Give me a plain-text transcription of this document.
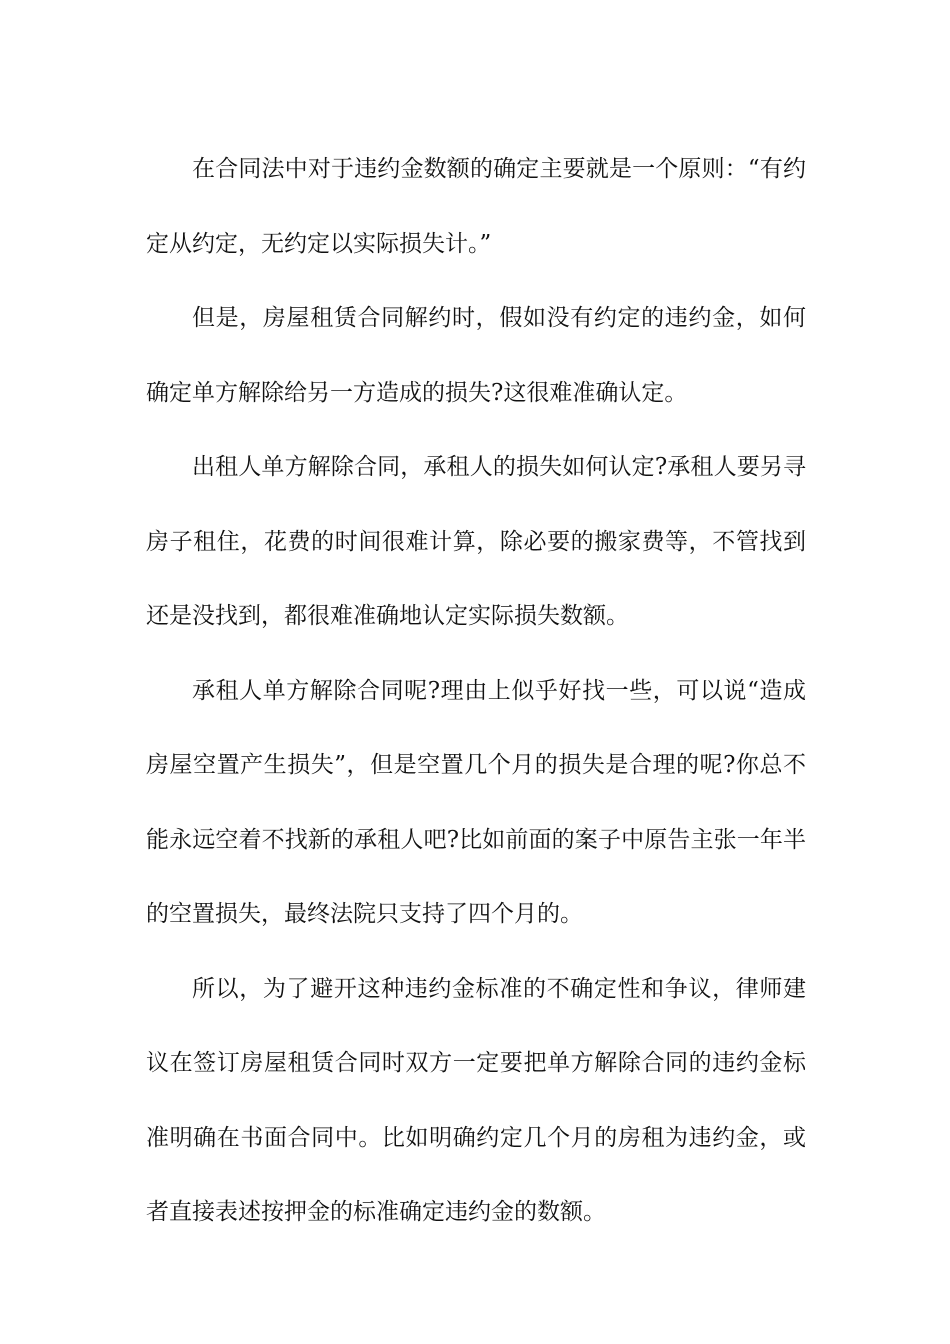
在合同法中对于违约金数额的确定主要就是一个原则：“有约定从约定，无约定以实际损失计。”

但是，房屋租赁合同解约时，假如没有约定的违约金，如何确定单方解除给另一方造成的损失?这很难准确认定。

出租人单方解除合同，承租人的损失如何认定?承租人要另寻房子租住，花费的时间很难计算，除必要的搬家费等，不管找到还是没找到，都很难准确地认定实际损失数额。

承租人单方解除合同呢?理由上似乎好找一些，可以说“造成房屋空置产生损失”，但是空置几个月的损失是合理的呢?你总不能永远空着不找新的承租人吧?比如前面的案子中原告主张一年半的空置损失，最终法院只支持了四个月的。

所以，为了避开这种违约金标准的不确定性和争议，律师建议在签订房屋租赁合同时双方一定要把单方解除合同的违约金标准明确在书面合同中。比如明确约定几个月的房租为违约金，或者直接表述按押金的标准确定违约金的数额。
